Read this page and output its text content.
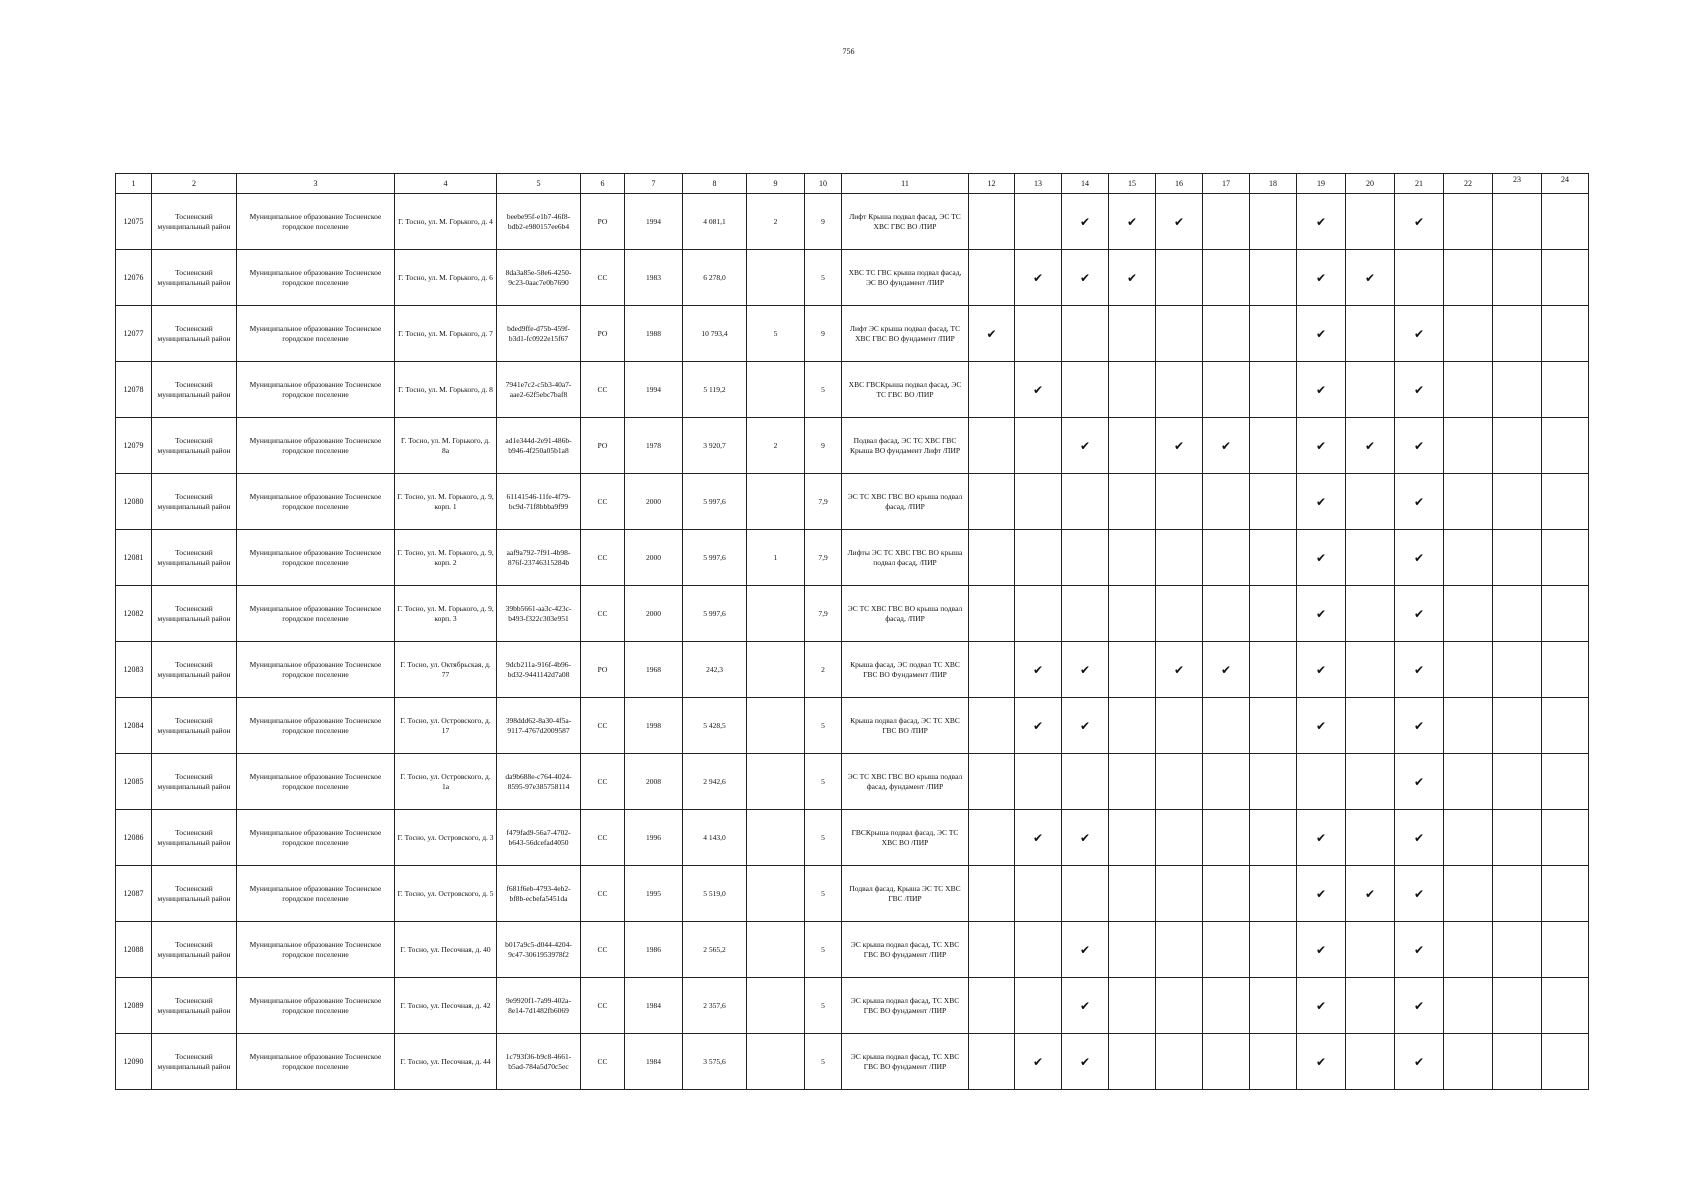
756
1	2	3	4	5	6	7	8	9	10	11	12	13	14	15	16	17	18	19	20	21	22	23	24
12075	Тосненский муниципальный район	Муниципальное образование Тосненское городское поселение	Г. Тосно, ул. М. Горького, д. 4	beebe95f-e1b7-46f8-bdb2-e980157ee6b4	РО	1994	4 081,1	2	9	Лифт Крыша подвал фасад, ЭС ТС ХВС ГВС ВО /ПИР			✔	✔	✔			✔		✔			
12076	Тосненский муниципальный район	Муниципальное образование Тосненское городское поселение	Г. Тосно, ул. М. Горького, д. 6	8da3a85e-58e6-4250-9c23-0aac7e0b7690	СС	1983	6 278,0		5	ХВС ТС ГВС крыша подвал фасад, ЭС ВО фундамент /ПИР		✔	✔	✔				✔	✔				
12077	Тосненский муниципальный район	Муниципальное образование Тосненское городское поселение	Г. Тосно, ул. М. Горького, д. 7	bded9ffe-d75b-459f-b3d1-fc0922e15f67	РО	1988	10 793,4	5	9	Лифт ЭС крыша подвал фасад, ТС ХВС ГВС ВО фундамент /ПИР	✔							✔		✔			
12078	Тосненский муниципальный район	Муниципальное образование Тосненское городское поселение	Г. Тосно, ул. М. Горького, д. 8	7941e7c2-c5b3-40a7-aae2-62f5ebc7baf8	СС	1994	5 119,2		5	ХВС ГВСКрыша подвал фасад, ЭС ТС ГВС ВО /ПИР		✔						✔		✔			
12079	Тосненский муниципальный район	Муниципальное образование Тосненское городское поселение	Г. Тосно, ул. М. Горького, д. 8а	ad1e344d-2e91-486b-b946-4f250a05b1a8	РО	1978	3 920,7	2	9	Подвал фасад, ЭС ТС ХВС ГВС Крыша ВО фундамент Лифт /ПИР			✔		✔	✔		✔	✔	✔			
12080	Тосненский муниципальный район	Муниципальное образование Тосненское городское поселение	Г. Тосно, ул. М. Горького, д. 9, корп. 1	61141546-11fe-4f79-bc9d-71f8bbba9f99	СС	2000	5 997,6		7,9	ЭС ТС ХВС ГВС ВО крыша подвал фасад, /ПИР								✔		✔			
12081	Тосненский муниципальный район	Муниципальное образование Тосненское городское поселение	Г. Тосно, ул. М. Горького, д. 9, корп. 2	aaf9a792-7f91-4b98-876f-23746315284b	СС	2000	5 997,6	1	7,9	Лифты ЭС ТС ХВС ГВС ВО крыша подвал фасад, /ПИР								✔		✔			
12082	Тосненский муниципальный район	Муниципальное образование Тосненское городское поселение	Г. Тосно, ул. М. Горького, д. 9, корп. 3	39bb5661-aa3c-423c-b493-f322c303e951	СС	2000	5 997,6		7,9	ЭС ТС ХВС ГВС ВО крыша подвал фасад, /ПИР								✔		✔			
12083	Тосненский муниципальный район	Муниципальное образование Тосненское городское поселение	Г. Тосно, ул. Октябрьская, д. 77	9dcb211a-916f-4b96-bd32-9441142d7a08	РО	1968	242,3		2	Крыша фасад, ЭС подвал ТС ХВС ГВС ВО Фундамент /ПИР		✔	✔		✔	✔		✔		✔			
12084	Тосненский муниципальный район	Муниципальное образование Тосненское городское поселение	Г. Тосно, ул. Островского, д. 17	398ddd62-8a30-4f5a-9117-4767d2009587	СС	1998	5 428,5		5	Крыша подвал фасад, ЭС ТС ХВС ГВС ВО /ПИР		✔	✔					✔		✔			
12085	Тосненский муниципальный район	Муниципальное образование Тосненское городское поселение	Г. Тосно, ул. Островского, д. 1а	da9b688e-c764-4024-8595-97e385758114	СС	2008	2 942,6		5	ЭС ТС ХВС ГВС ВО крыша подвал фасад, фундамент /ПИР										✔			
12086	Тосненский муниципальный район	Муниципальное образование Тосненское городское поселение	Г. Тосно, ул. Островского, д. 3	f479fad9-56a7-4702-b643-56dcefad4050	СС	1996	4 143,0		5	ГВСКрыша подвал фасад, ЭС ТС ХВС ВО /ПИР		✔	✔					✔		✔			
12087	Тосненский муниципальный район	Муниципальное образование Тосненское городское поселение	Г. Тосно, ул. Островского, д. 5	f681f6eb-4793-4eb2-bf8b-ecbefa5451da	СС	1995	5 519,0		5	Подвал фасад, Крыша ЭС ТС ХВС ГВС /ПИР								✔	✔	✔			
12088	Тосненский муниципальный район	Муниципальное образование Тосненское городское поселение	Г. Тосно, ул. Песочная, д. 40	b017a9c5-d044-4204-9c47-3061953978f2	СС	1986	2 565,2		5	ЭС крыша подвал фасад, ТС ХВС ГВС ВО фундамент /ПИР			✔					✔		✔			
12089	Тосненский муниципальный район	Муниципальное образование Тосненское городское поселение	Г. Тосно, ул. Песочная, д. 42	9e9920f1-7a99-402a-8e14-7d1482fb6069	СС	1984	2 357,6		5	ЭС крыша подвал фасад, ТС ХВС ГВС ВО фундамент /ПИР			✔					✔		✔			
12090	Тосненский муниципальный район	Муниципальное образование Тосненское городское поселение	Г. Тосно, ул. Песочная, д. 44	1c793f36-b9c8-4661-b5ad-784a5d70c5ec	СС	1984	3 575,6		5	ЭС крыша подвал фасад, ТС ХВС ГВС ВО фундамент /ПИР		✔	✔					✔		✔			
